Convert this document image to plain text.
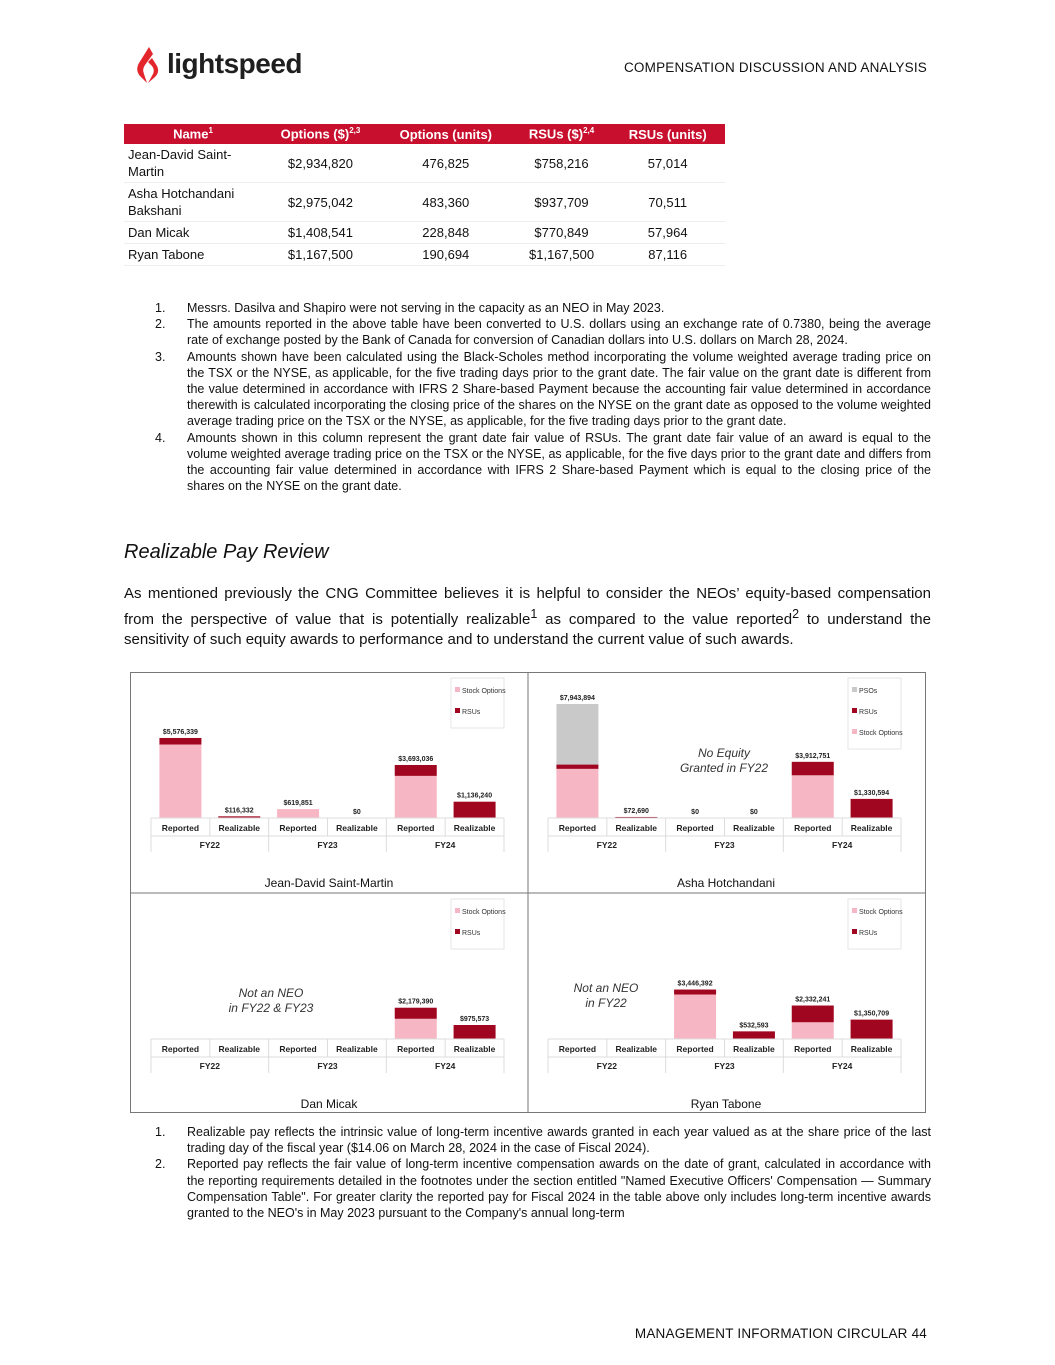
lightspeed	COMPENSATION DISCUSSION AND ANALYSIS
Name$^1$	Options ($)$^{2,3}$	Options (units)	RSUs ($)$^{2,4}$	RSUs (units)
Jean-David Saint-Martin	$2,934,820	476,825	$758,216	57,014
Asha Hotchandani Bakshani	$2,975,042	483,360	$937,709	70,511
Dan Micak	$1,408,541	228,848	$770,849	57,964
Ryan Tabone	$1,167,500	190,694	$1,167,500	87,116
1. Messrs. Dasilva and Shapiro were not serving in the capacity as an NEO in May 2023.
2. The amounts reported in the above table have been converted to U.S. dollars using an exchange rate of 0.7380, being the average rate of exchange posted by the Bank of Canada for conversion of Canadian dollars into U.S. dollars on March 28, 2024.
3. Amounts shown have been calculated using the Black-Scholes method incorporating the volume weighted average trading price on the TSX or the NYSE, as applicable, for the five trading days prior to the grant date. The fair value on the grant date is different from the value determined in accordance with IFRS 2 Share-based Payment because the accounting fair value determined in accordance therewith is calculated incorporating the closing price of the shares on the NYSE on the grant date as opposed to the volume weighted average trading price on the TSX or the NYSE, as applicable, for the five trading days prior to the grant date.
4. Amounts shown in this column represent the grant date fair value of RSUs. The grant date fair value of an award is equal to the volume weighted average trading price on the TSX or the NYSE, as applicable, for the five days prior to the grant date and differs from the accounting fair value determined in accordance with IFRS 2 Share-based Payment which is equal to the closing price of the shares on the NYSE on the grant date.
Realizable Pay Review
As mentioned previously the CNG Committee believes it is helpful to consider the NEOs’ equity-based compensation from the perspective of value that is potentially realizable$^1$ as compared to the value reported$^2$ to understand the sensitivity of such equity awards to performance and to understand the current value of such awards.
Stock Options
RSUs
$5,576,339
Reported
$116,332
Realizable
$619,851
Reported
$0
Realizable
$3,693,036
Reported
$1,136,240
Realizable
FY22	FY23	FY24
Jean-David Saint-Martin
PSOs
RSUs
Stock Options
$7,943,894
Reported
$72,690
Realizable
$0
Reported
$0
Realizable
$3,912,751
Reported
$1,330,594
Realizable
FY22	FY23	FY24
Asha Hotchandani
No Equity
Granted in FY22
Stock Options
RSUs
Reported Realizable Reported Realizable
$2,179,390
Reported
$975,573
Realizable
FY22	FY23	FY24
Dan Micak
Not an NEO
in FY22 & FY23
Stock Options
RSUs
Reported Realizable
$3,446,392
Reported
$532,593
Realizable
$2,332,241
Reported
$1,350,709
Realizable
FY22	FY23	FY24
Ryan Tabone
Not an NEO
in FY22
1. Realizable pay reflects the intrinsic value of long-term incentive awards granted in each year valued as at the share price of the last trading day of the fiscal year ($14.06 on March 28, 2024 in the case of Fiscal 2024).
2. Reported pay reflects the fair value of long-term incentive compensation awards on the date of grant, calculated in accordance with the reporting requirements detailed in the footnotes under the section entitled "Named Executive Officers' Compensation — Summary Compensation Table". For greater clarity the reported pay for Fiscal 2024 in the table above only includes long-term incentive awards granted to the NEO's in May 2023 pursuant to the Company's annual long-term
MANAGEMENT INFORMATION CIRCULAR 44
